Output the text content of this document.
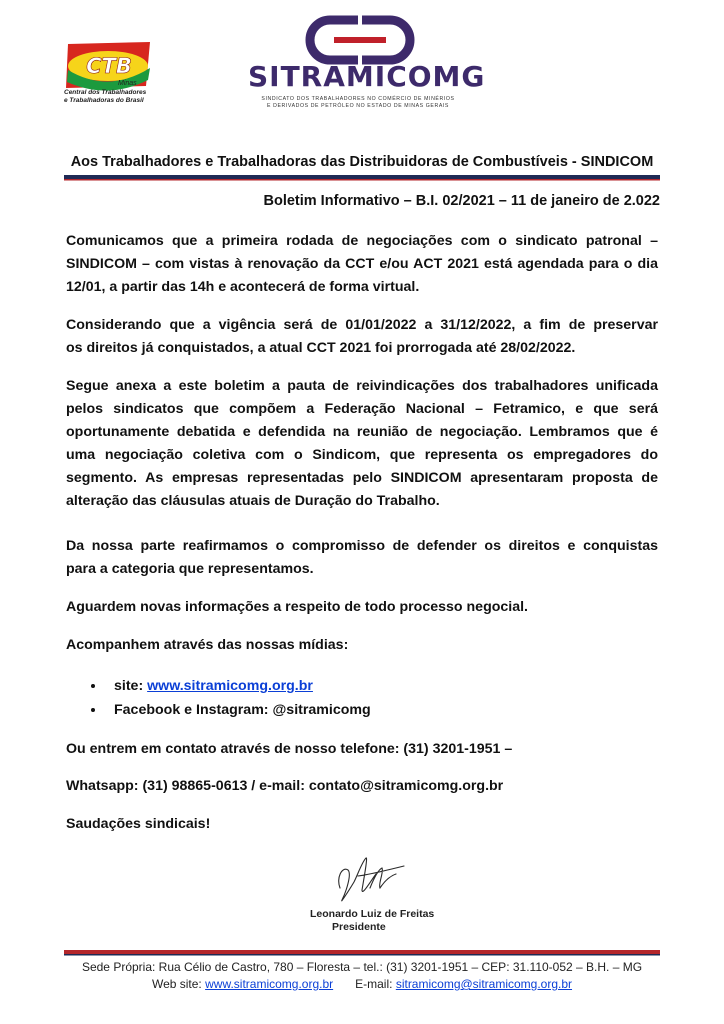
CTB
Minas
Central dos Trabalhadores
e Trabalhadoras do Brasil
SITRAMICOMG
SINDICATO DOS TRABALHADORES NO COMÉRCIO DE MINÉRIOS
E DERIVADOS DE PETRÓLEO NO ESTADO DE MINAS GERAIS
Aos Trabalhadores e Trabalhadoras das Distribuidoras de Combustíveis - SINDICOM
Boletim Informativo – B.I. 02/2021 – 11 de janeiro de 2.022
Comunicamos que a primeira rodada de negociações com o sindicato patronal –
SINDICOM – com vistas à renovação da CCT e/ou ACT 2021 está agendada para o dia
12/01, a partir das 14h e acontecerá de forma virtual.
Considerando que a vigência será de 01/01/2022 a 31/12/2022, a fim de preservar
os direitos já conquistados, a atual CCT 2021 foi prorrogada até 28/02/2022.
Segue anexa a este boletim a pauta de reivindicações dos trabalhadores unificada
pelos sindicatos que compõem a Federação Nacional – Fetramico, e que será
oportunamente debatida e defendida na reunião de negociação. Lembramos que é
uma negociação coletiva com o Sindicom, que representa os empregadores do
segmento. As empresas representadas pelo SINDICOM apresentaram proposta de
alteração das cláusulas atuais de Duração do Trabalho.
Da nossa parte reafirmamos o compromisso de defender os direitos e conquistas
para a categoria que representamos.
Aguardem novas informações a respeito de todo processo negocial.
Acompanhem através das nossas mídias:
• site: www.sitramicomg.org.br
• Facebook e Instagram: @sitramicomg
Ou entrem em contato através de nosso telefone: (31) 3201-1951 –
Whatsapp: (31) 98865-0613 / e-mail: contato@sitramicomg.org.br
Saudações sindicais!
Leonardo Luiz de Freitas
Presidente
Sede Própria: Rua Célio de Castro, 780 – Floresta – tel.: (31) 3201-1951 – CEP: 31.110-052 – B.H. – MG
Web site: www.sitramicomg.org.br E-mail: sitramicomg@sitramicomg.org.br
